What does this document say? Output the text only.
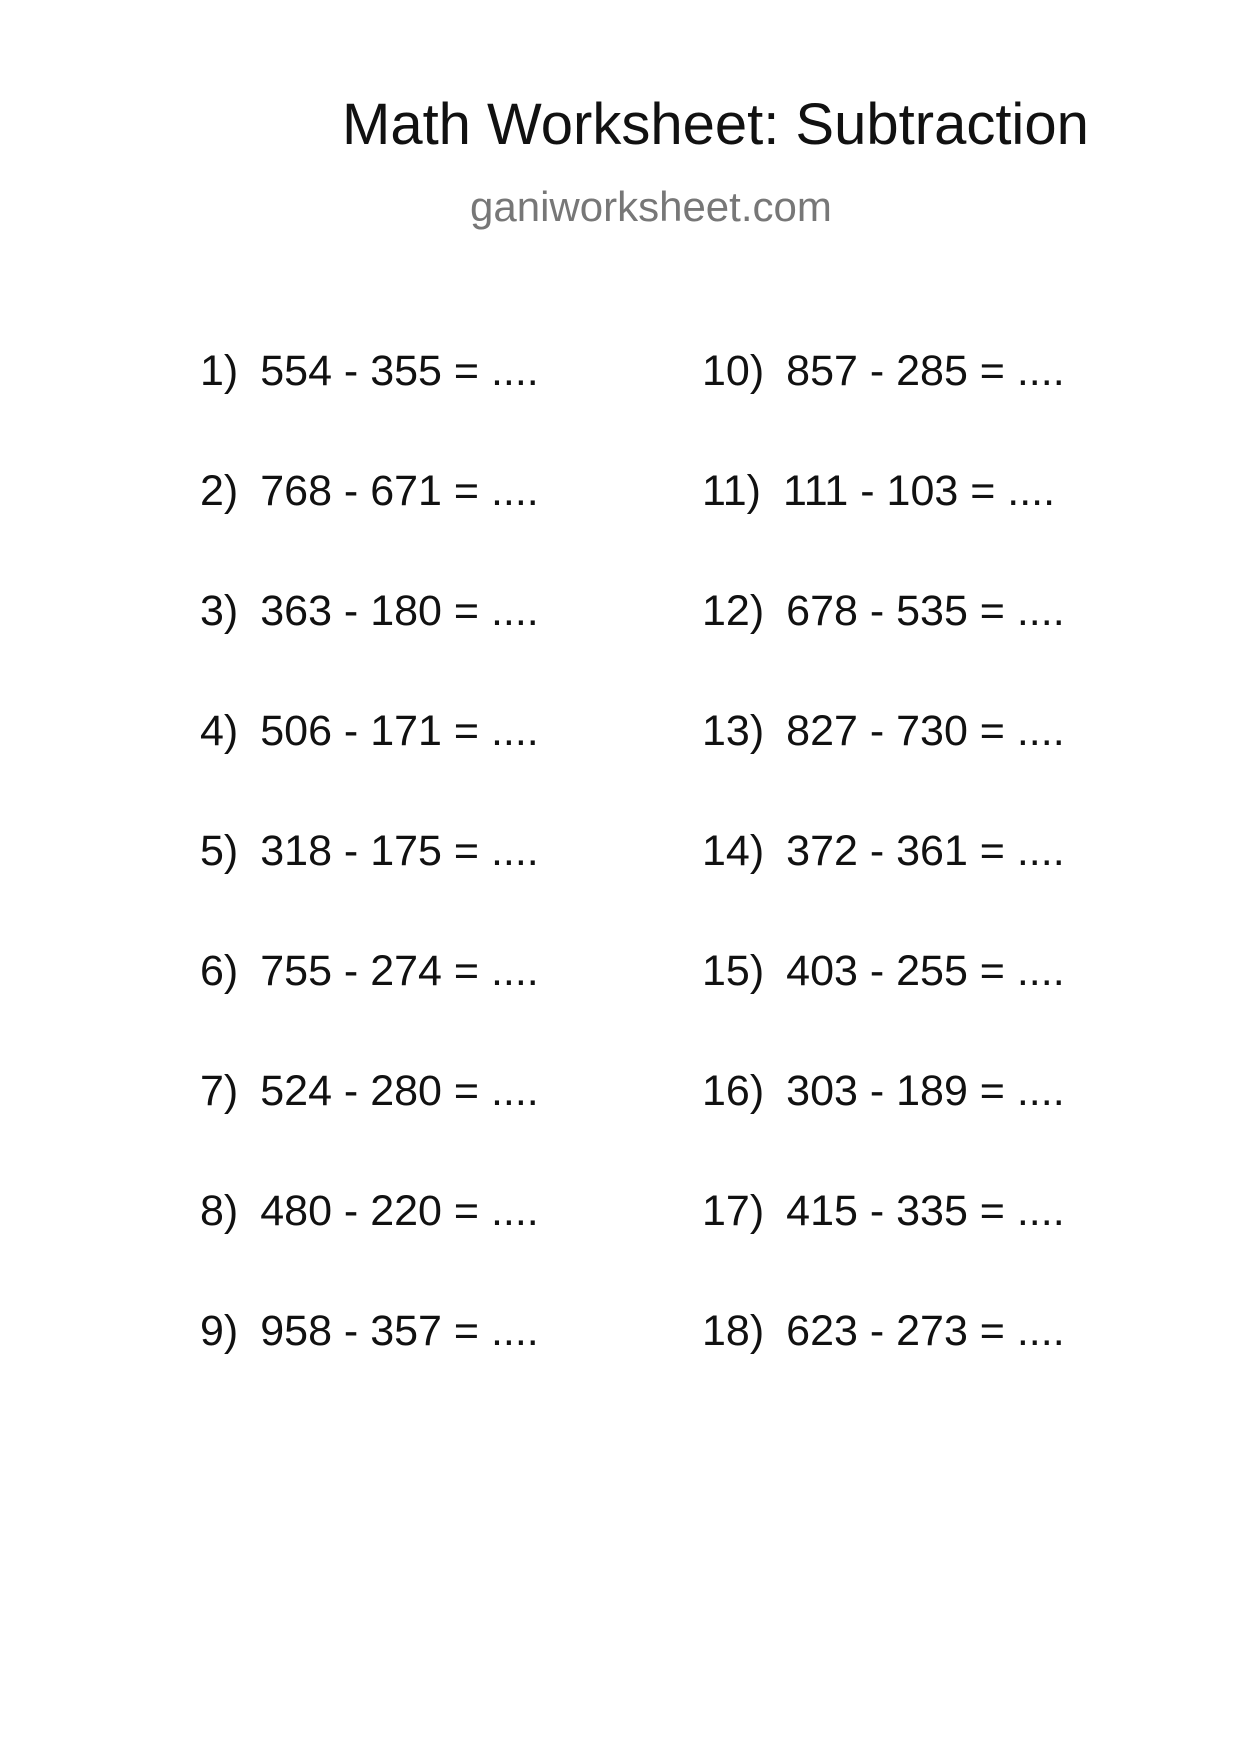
Math Worksheet: Subtraction
ganiworksheet.com
1) 554 - 355 = ....
2) 768 - 671 = ....
3) 363 - 180 = ....
4) 506 - 171 = ....
5) 318 - 175 = ....
6) 755 - 274 = ....
7) 524 - 280 = ....
8) 480 - 220 = ....
9) 958 - 357 = ....
10) 857 - 285 = ....
11) 111 - 103 = ....
12) 678 - 535 = ....
13) 827 - 730 = ....
14) 372 - 361 = ....
15) 403 - 255 = ....
16) 303 - 189 = ....
17) 415 - 335 = ....
18) 623 - 273 = ....
